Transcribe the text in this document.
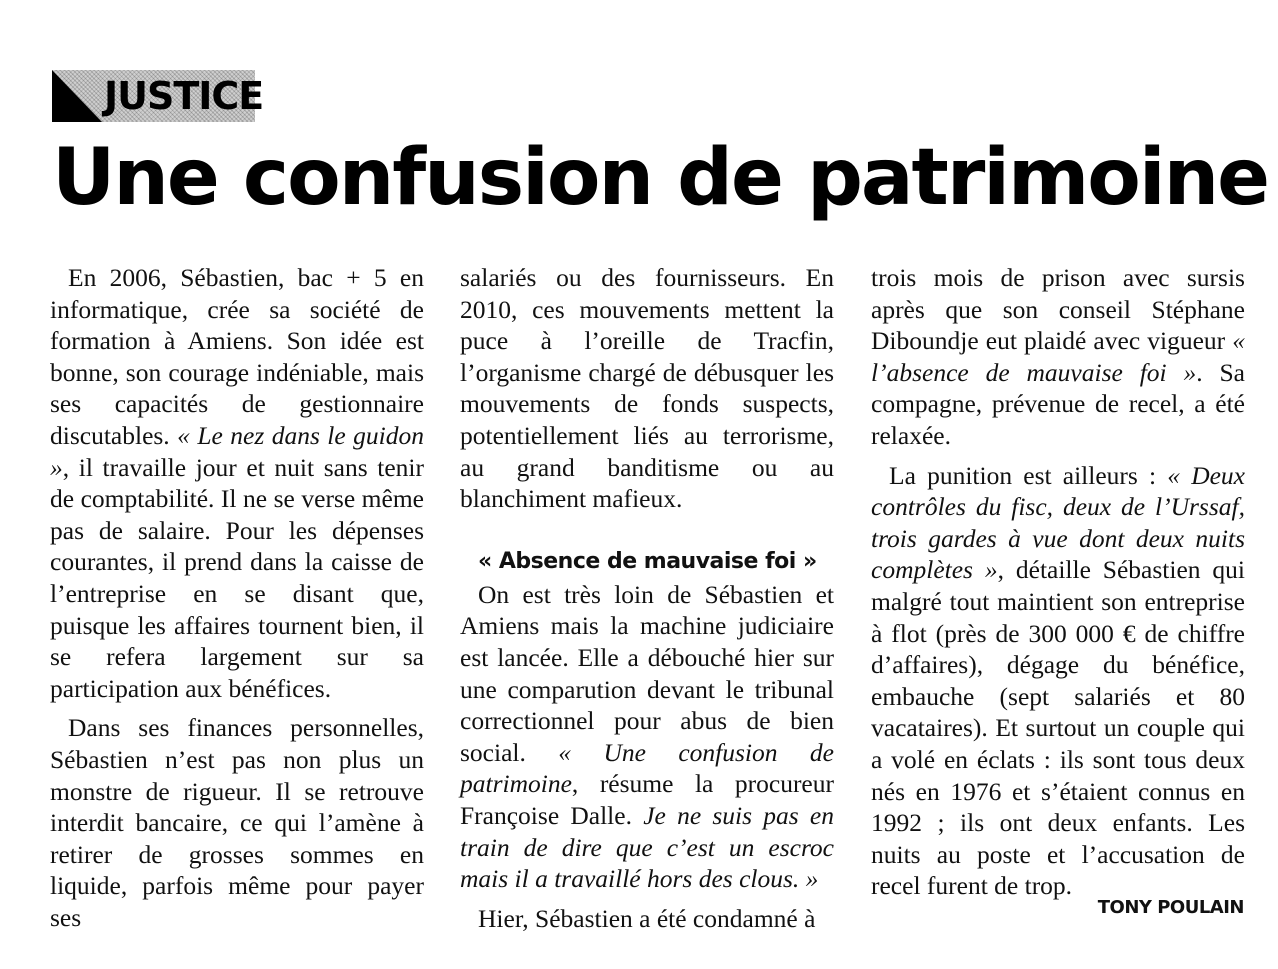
JUSTICE
Une confusion de patrimoine

En 2006, Sébastien, bac + 5 en informatique, crée sa société de formation à Amiens. Son idée est bonne, son courage indéniable, mais ses capacités de gestionnaire discutables. « Le nez dans le guidon », il travaille jour et nuit sans tenir de comptabilité. Il ne se verse même pas de salaire. Pour les dépenses courantes, il prend dans la caisse de l’entreprise en se disant que, puisque les affaires tournent bien, il se refera largement sur sa participation aux bénéfices.

Dans ses finances personnelles, Sébastien n’est pas non plus un monstre de rigueur. Il se retrouve interdit bancaire, ce qui l’amène à retirer de grosses sommes en liquide, parfois même pour payer ses

salariés ou des fournisseurs. En 2010, ces mouvements mettent la puce à l’oreille de Tracfin, l’organisme chargé de débusquer les mouvements de fonds suspects, potentiellement liés au terrorisme, au grand banditisme ou au blanchiment mafieux.

« Absence de mauvaise foi »

On est très loin de Sébastien et Amiens mais la machine judiciaire est lancée. Elle a débouché hier sur une comparution devant le tribunal correctionnel pour abus de bien social. « Une confusion de patrimoine, résume la procureur Françoise Dalle. Je ne suis pas en train de dire que c’est un escroc mais il a travaillé hors des clous. »

Hier, Sébastien a été condamné à

trois mois de prison avec sursis après que son conseil Stéphane Diboundje eut plaidé avec vigueur « l’absence de mauvaise foi ». Sa compagne, prévenue de recel, a été relaxée.

La punition est ailleurs : « Deux contrôles du fisc, deux de l’Urssaf, trois gardes à vue dont deux nuits complètes », détaille Sébastien qui malgré tout maintient son entreprise à flot (près de 300 000 € de chiffre d’affaires), dégage du bénéfice, embauche (sept salariés et 80 vacataires). Et surtout un couple qui a volé en éclats : ils sont tous deux nés en 1976 et s’étaient connus en 1992 ; ils ont deux enfants. Les nuits au poste et l’accusation de recel furent de trop.

TONY POULAIN
